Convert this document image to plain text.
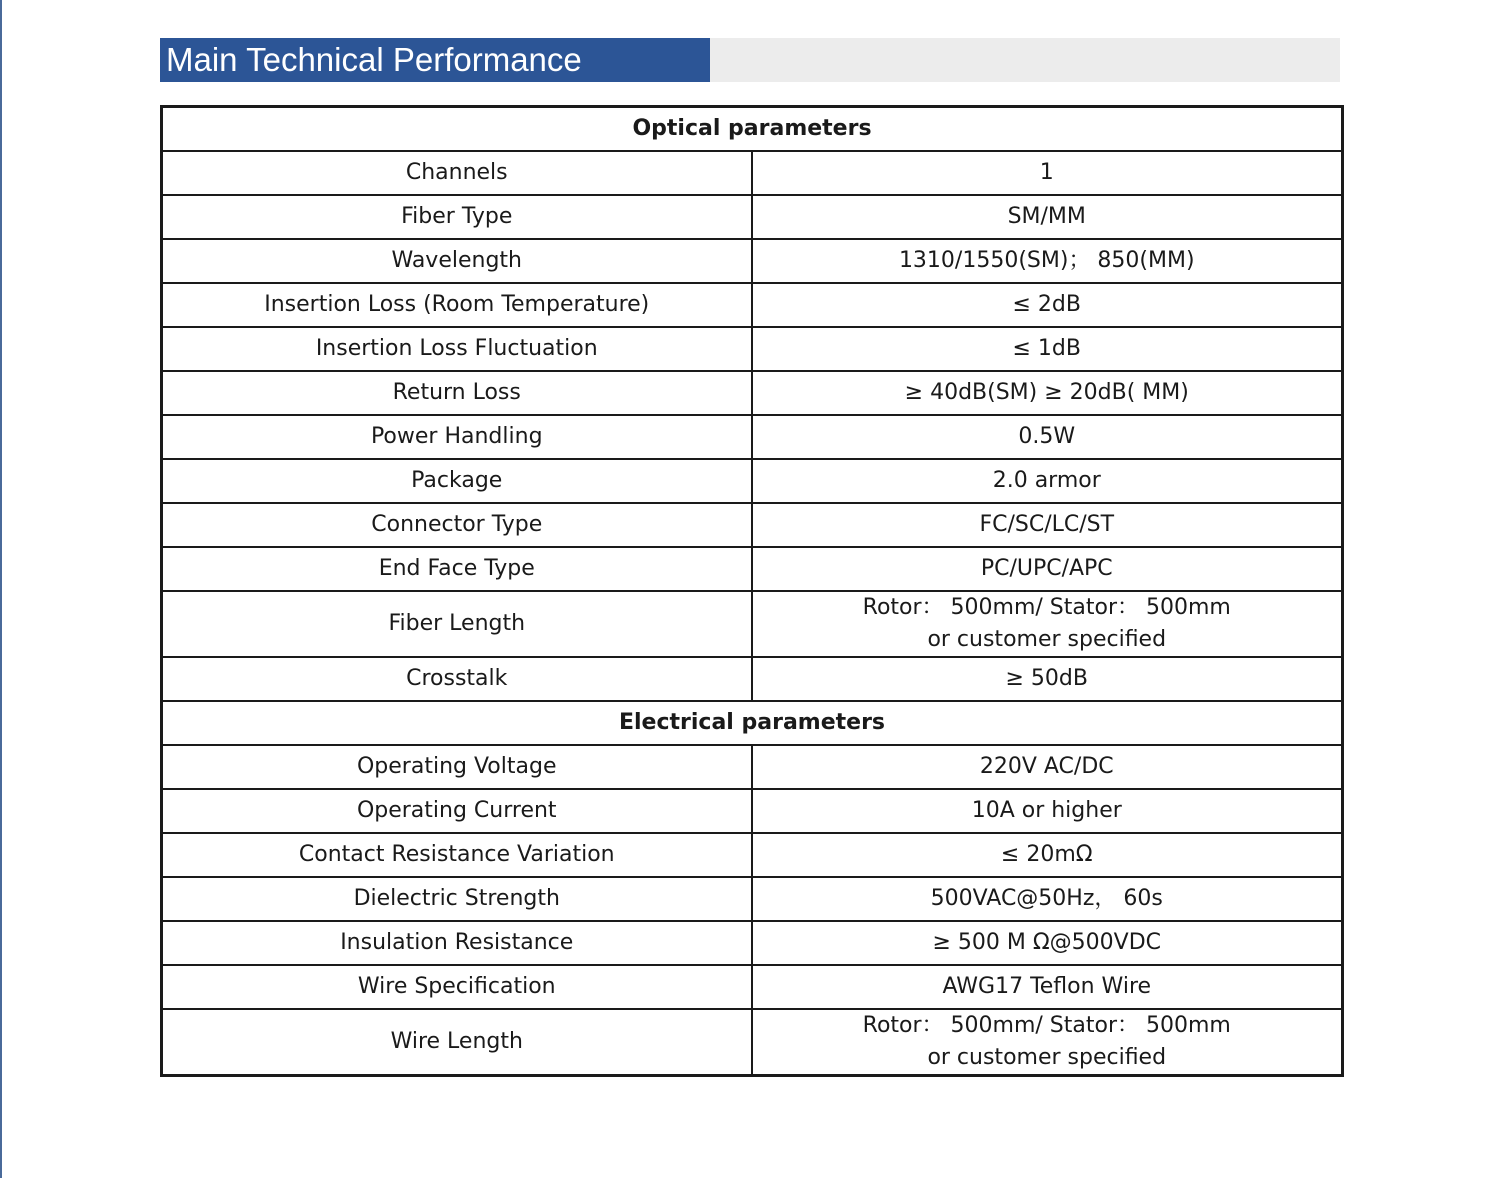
Main Technical Performance
Optical parameters	
Channels	1
Fiber Type	SM/MM
Wavelength	1310/1550(SM)； 850(MM)
Insertion Loss (Room Temperature)	≤ 2dB
Insertion Loss Fluctuation	≤ 1dB
Return Loss	≥ 40dB(SM) ≥ 20dB( MM)
Power Handling	0.5W
Package	2.0 armor
Connector Type	FC/SC/LC/ST
End Face Type	PC/UPC/APC
Fiber Length	Rotor： 500mm/ Stator： 500mm
or customer specified

Crosstalk	≥ 50dB
Electrical parameters	
Operating Voltage	220V AC/DC
Operating Current	10A or higher
Contact Resistance Variation	≤ 20mΩ
Dielectric Strength	500VAC@50Hz， 60s
Insulation Resistance	≥ 500 M Ω@500VDC
Wire Specification	AWG17 Teflon Wire
Wire Length	Rotor： 500mm/ Stator： 500mm
or customer specified
